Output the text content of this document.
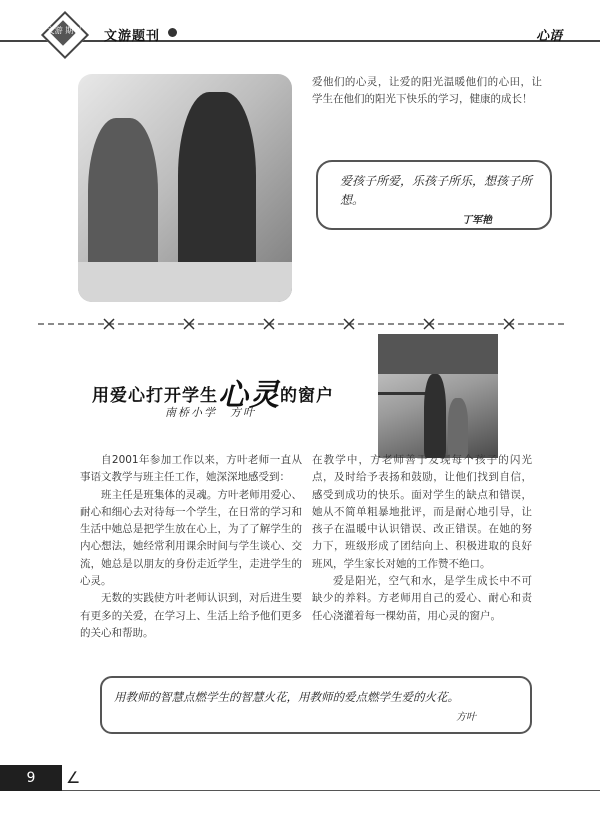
文游 期刊 文游题刊	心语

爱他们的心灵，让爱的阳光温暖他们的心田，让学生在他们的阳光下快乐的学习，健康的成长！

爱孩子所爱，乐孩子所乐，想孩子所想。
丁军艳
用爱心打开学生心灵的窗户
南桥小学　方叶

自2001年参加工作以来，方叶老师一直从事语文教学与班主任工作，她深深地感受到：

班主任是班集体的灵魂。方叶老师用爱心、耐心和细心去对待每一个学生，在日常的学习和生活中她总是把学生放在心上，为了了解学生的内心想法，她经常利用课余时间与学生谈心、交流，她总是以朋友的身份走近学生，走进学生的心灵。

无数的实践使方叶老师认识到，对后进生要有更多的关爱，在学习上、生活上给予他们更多的关心和帮助。

在教学中，方老师善于发现每个孩子的闪光点，及时给予表扬和鼓励，让他们找到自信，感受到成功的快乐。面对学生的缺点和错误，她从不简单粗暴地批评，而是耐心地引导，让孩子在温暖中认识错误、改正错误。在她的努力下，班级形成了团结向上、积极进取的良好班风，学生家长对她的工作赞不绝口。

爱是阳光，空气和水，是学生成长中不可缺少的养料。方老师用自己的爱心、耐心和责任心浇灌着每一棵幼苗，用心灵的窗户。

用教师的智慧点燃学生的智慧火花，用教师的爱点燃学生爱的火花。
方叶
9	∠
